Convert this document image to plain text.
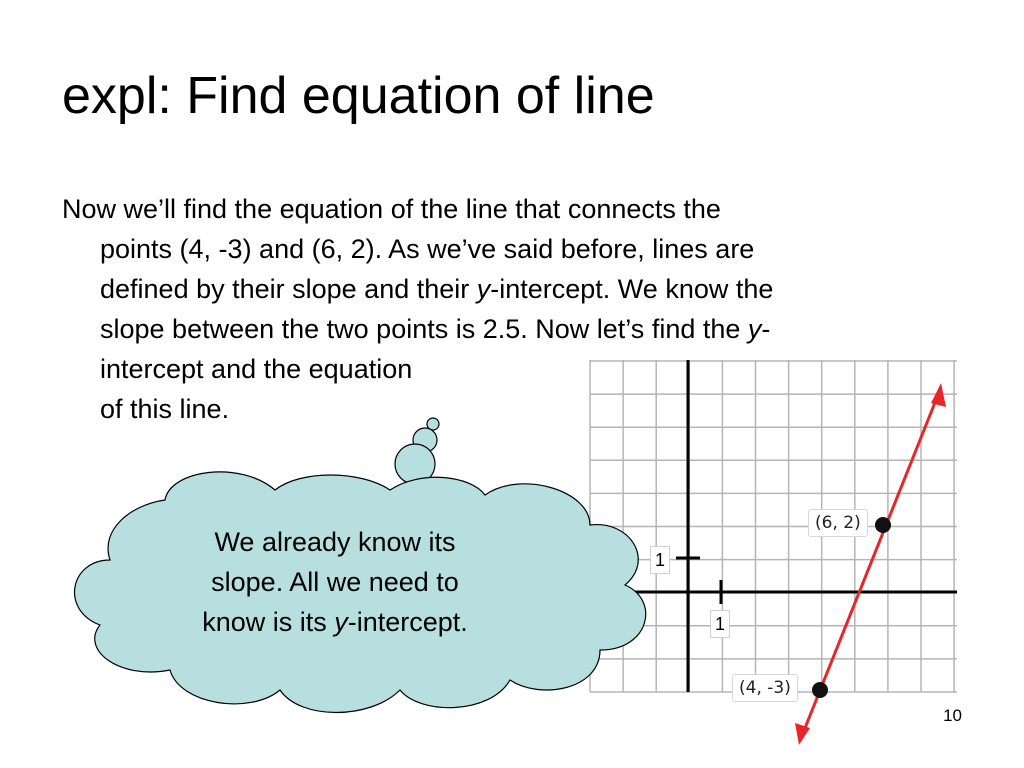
expl: Find equation of line
Now we’ll find the equation of the line that connects the
points (4, -3) and (6, 2). As we’ve said before, lines are
defined by their slope and their y-intercept. We know the
slope between the two points is 2.5. Now let’s find the y-
intercept and the equation
of this line.
(6, 2)
(4, -3)
1
1
We already know its
slope. All we need to
know is its y-intercept.
10
